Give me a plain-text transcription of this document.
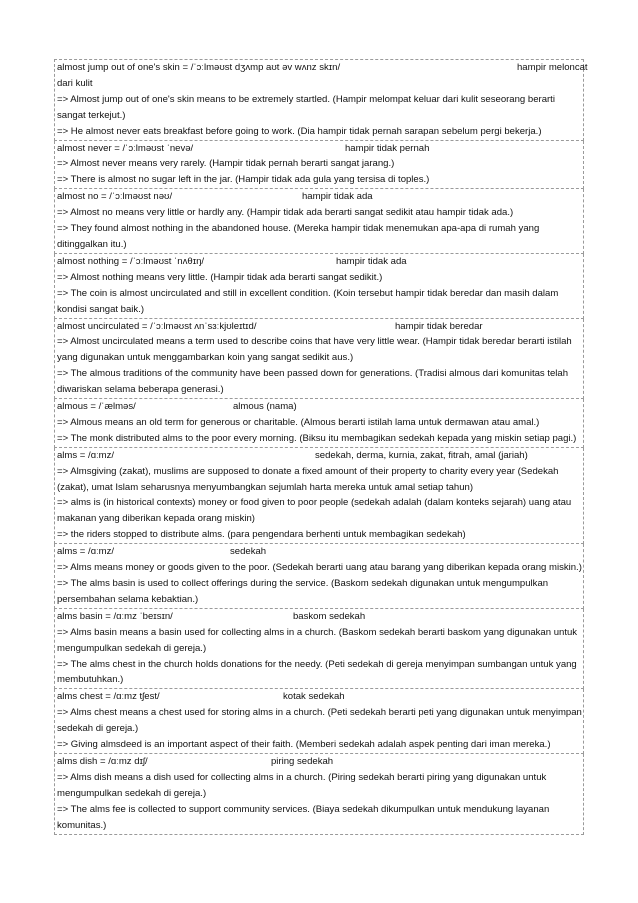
almost jump out of one's skin = /ˈɔːlməʊst dʒʌmp aʊt əv wʌnz skɪn/	hampir meloncat
dari kulit
=> Almost jump out of one's skin means to be extremely startled. (Hampir melompat keluar dari kulit seseorang berarti sangat terkejut.)
=> He almost never eats breakfast before going to work. (Dia hampir tidak pernah sarapan sebelum pergi bekerja.)
almost never = /ˈɔːlməʊst ˈnevə/	hampir tidak pernah
=> Almost never means very rarely. (Hampir tidak pernah berarti sangat jarang.)
=> There is almost no sugar left in the jar. (Hampir tidak ada gula yang tersisa di toples.)
almost no = /ˈɔːlməʊst nəʊ/	hampir tidak ada
=> Almost no means very little or hardly any. (Hampir tidak ada berarti sangat sedikit atau hampir tidak ada.)
=> They found almost nothing in the abandoned house. (Mereka hampir tidak menemukan apa-apa di rumah yang ditinggalkan itu.)
almost nothing = /ˈɔːlməʊst ˈnʌθɪŋ/	hampir tidak ada
=> Almost nothing means very little. (Hampir tidak ada berarti sangat sedikit.)
=> The coin is almost uncirculated and still in excellent condition. (Koin tersebut hampir tidak beredar dan masih dalam kondisi sangat baik.)
almost uncirculated = /ˈɔːlməʊst ʌnˈsɜːkjʊleɪtɪd/	hampir tidak beredar
=> Almost uncirculated means a term used to describe coins that have very little wear. (Hampir tidak beredar berarti istilah yang digunakan untuk menggambarkan koin yang sangat sedikit aus.)
=> The almous traditions of the community have been passed down for generations. (Tradisi almous dari komunitas telah diwariskan selama beberapa generasi.)
almous = /ˈælməs/	almous (nama)
=> Almous means an old term for generous or charitable. (Almous berarti istilah lama untuk dermawan atau amal.)
=> The monk distributed alms to the poor every morning. (Biksu itu membagikan sedekah kepada yang miskin setiap pagi.)
alms = /ɑːmz/	sedekah, derma, kurnia, zakat, fitrah, amal (jariah)
=> Almsgiving (zakat), muslims are supposed to donate a fixed amount of their property to charity every year (Sedekah (zakat), umat Islam seharusnya menyumbangkan sejumlah harta mereka untuk amal setiap tahun)
=> alms is (in historical contexts) money or food given to poor people (sedekah adalah (dalam konteks sejarah) uang atau makanan yang diberikan kepada orang miskin)
=> the riders stopped to distribute alms. (para pengendara berhenti untuk membagikan sedekah)
alms = /ɑːmz/	sedekah
=> Alms means money or goods given to the poor. (Sedekah berarti uang atau barang yang diberikan kepada orang miskin.)
=> The alms basin is used to collect offerings during the service. (Baskom sedekah digunakan untuk mengumpulkan persembahan selama kebaktian.)
alms basin = /ɑːmz ˈbeɪsɪn/	baskom sedekah
=> Alms basin means a basin used for collecting alms in a church. (Baskom sedekah berarti baskom yang digunakan untuk mengumpulkan sedekah di gereja.)
=> The alms chest in the church holds donations for the needy. (Peti sedekah di gereja menyimpan sumbangan untuk yang membutuhkan.)
alms chest = /ɑːmz tʃest/	kotak sedekah
=> Alms chest means a chest used for storing alms in a church. (Peti sedekah berarti peti yang digunakan untuk menyimpan sedekah di gereja.)
=> Giving almsdeed is an important aspect of their faith. (Memberi sedekah adalah aspek penting dari iman mereka.)
alms dish = /ɑːmz dɪʃ/	piring sedekah
=> Alms dish means a dish used for collecting alms in a church. (Piring sedekah berarti piring yang digunakan untuk mengumpulkan sedekah di gereja.)
=> The alms fee is collected to support community services. (Biaya sedekah dikumpulkan untuk mendukung layanan komunitas.)
